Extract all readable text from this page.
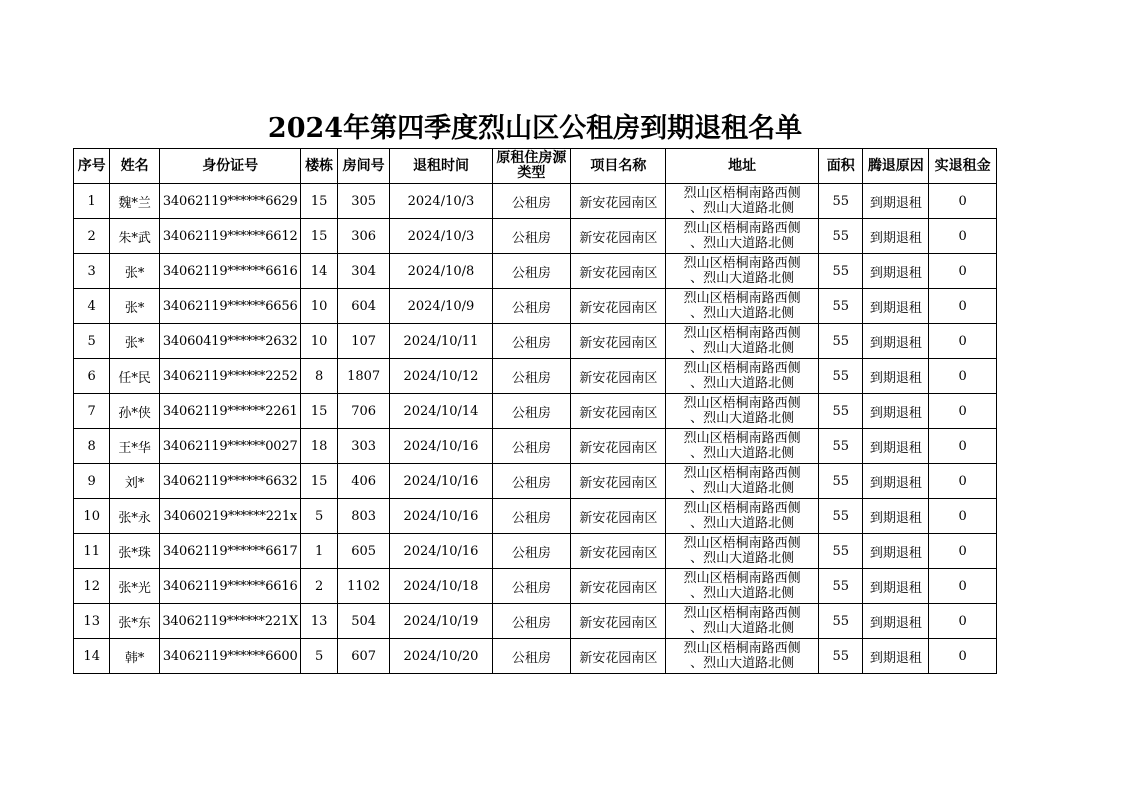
2024年第四季度烈山区公租房到期退租名单
序号	姓名	身份证号	楼栋	房间号	退租时间	原租住房源类型	项目名称	地址	面积	腾退原因	实退租金
1	魏*兰	34062119******6629	15	305	2024/10/3	公租房	新安花园南区	烈山区梧桐南路西侧
、烈山大道路北侧	55	到期退租	0
2	朱*武	34062119******6612	15	306	2024/10/3	公租房	新安花园南区	烈山区梧桐南路西侧
、烈山大道路北侧	55	到期退租	0
3	张*	34062119******6616	14	304	2024/10/8	公租房	新安花园南区	烈山区梧桐南路西侧
、烈山大道路北侧	55	到期退租	0
4	张*	34062119******6656	10	604	2024/10/9	公租房	新安花园南区	烈山区梧桐南路西侧
、烈山大道路北侧	55	到期退租	0
5	张*	34060419******2632	10	107	2024/10/11	公租房	新安花园南区	烈山区梧桐南路西侧
、烈山大道路北侧	55	到期退租	0
6	任*民	34062119******2252	8	1807	2024/10/12	公租房	新安花园南区	烈山区梧桐南路西侧
、烈山大道路北侧	55	到期退租	0
7	孙*侠	34062119******2261	15	706	2024/10/14	公租房	新安花园南区	烈山区梧桐南路西侧
、烈山大道路北侧	55	到期退租	0
8	王*华	34062119******0027	18	303	2024/10/16	公租房	新安花园南区	烈山区梧桐南路西侧
、烈山大道路北侧	55	到期退租	0
9	刘*	34062119******6632	15	406	2024/10/16	公租房	新安花园南区	烈山区梧桐南路西侧
、烈山大道路北侧	55	到期退租	0
10	张*永	34060219******221x	5	803	2024/10/16	公租房	新安花园南区	烈山区梧桐南路西侧
、烈山大道路北侧	55	到期退租	0
11	张*珠	34062119******6617	1	605	2024/10/16	公租房	新安花园南区	烈山区梧桐南路西侧
、烈山大道路北侧	55	到期退租	0
12	张*光	34062119******6616	2	1102	2024/10/18	公租房	新安花园南区	烈山区梧桐南路西侧
、烈山大道路北侧	55	到期退租	0
13	张*东	34062119******221X	13	504	2024/10/19	公租房	新安花园南区	烈山区梧桐南路西侧
、烈山大道路北侧	55	到期退租	0
14	韩*	34062119******6600	5	607	2024/10/20	公租房	新安花园南区	烈山区梧桐南路西侧
、烈山大道路北侧	55	到期退租	0
